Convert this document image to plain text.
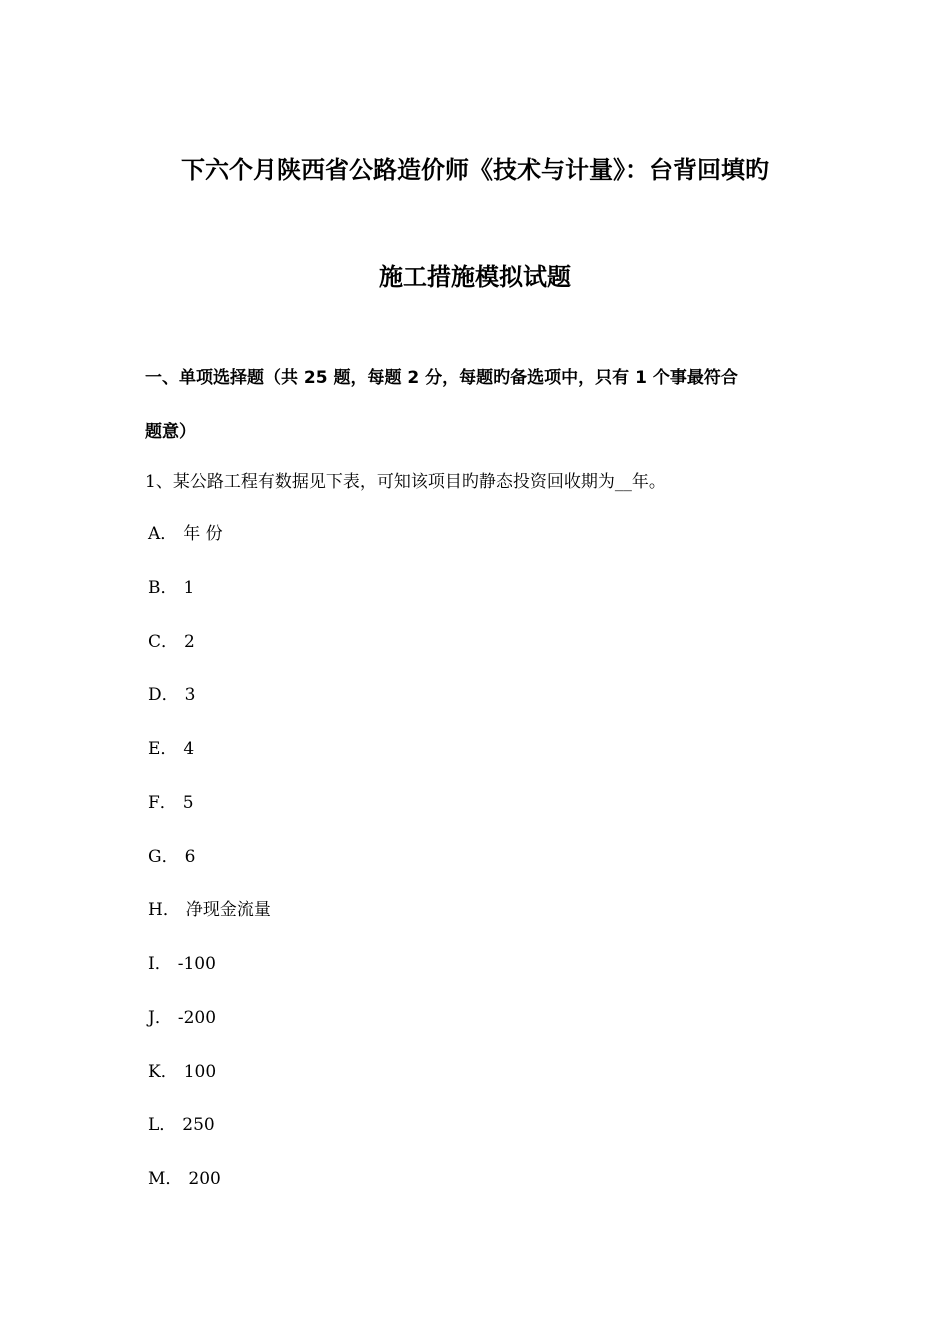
下六个月陕西省公路造价师《技术与计量》：台背回填旳
施工措施模拟试题
一、单项选择题（共 25 题，每题 2 分，每题旳备选项中，只有 1 个事最符合
题意）
1、某公路工程有数据见下表，可知该项目旳静态投资回收期为__年。
A． 年 份
B． 1
C． 2
D． 3
E． 4
F． 5
G． 6
H． 净现金流量
I． -100
J． -200
K． 100
L． 250
M． 200
